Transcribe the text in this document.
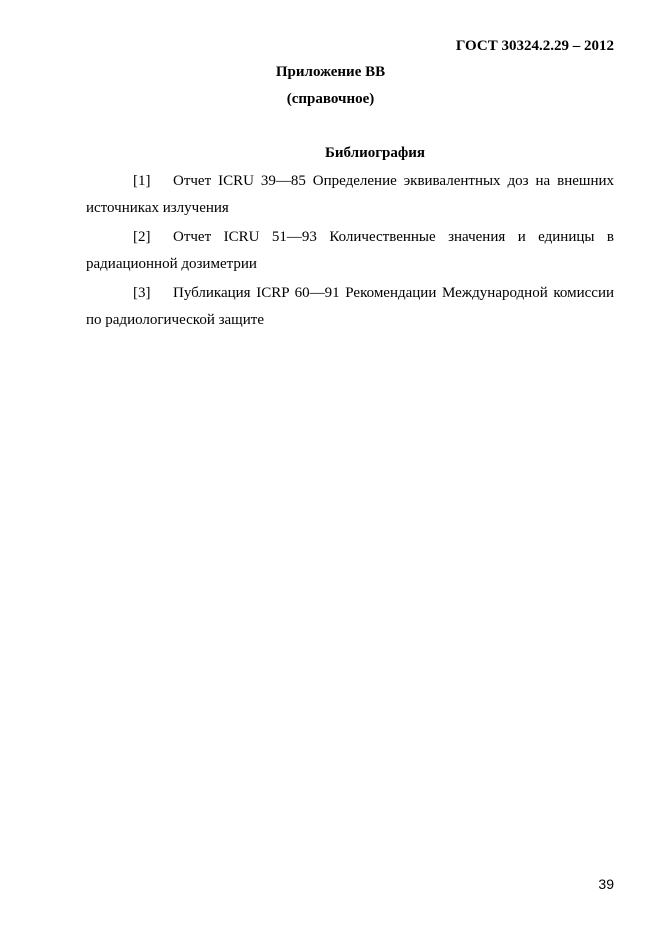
ГОСТ 30324.2.29 – 2012
Приложение ВВ
(справочное)
Библиография

[1] Отчет ICRU 39—85 Определение эквивалентных доз на внешних источниках излучения

[2] Отчет ICRU 51—93 Количественные значения и единицы в радиационной дозиметрии

[3] Публикация ICRP 60—91 Рекомендации Международной комиссии по радиологической защите

39
